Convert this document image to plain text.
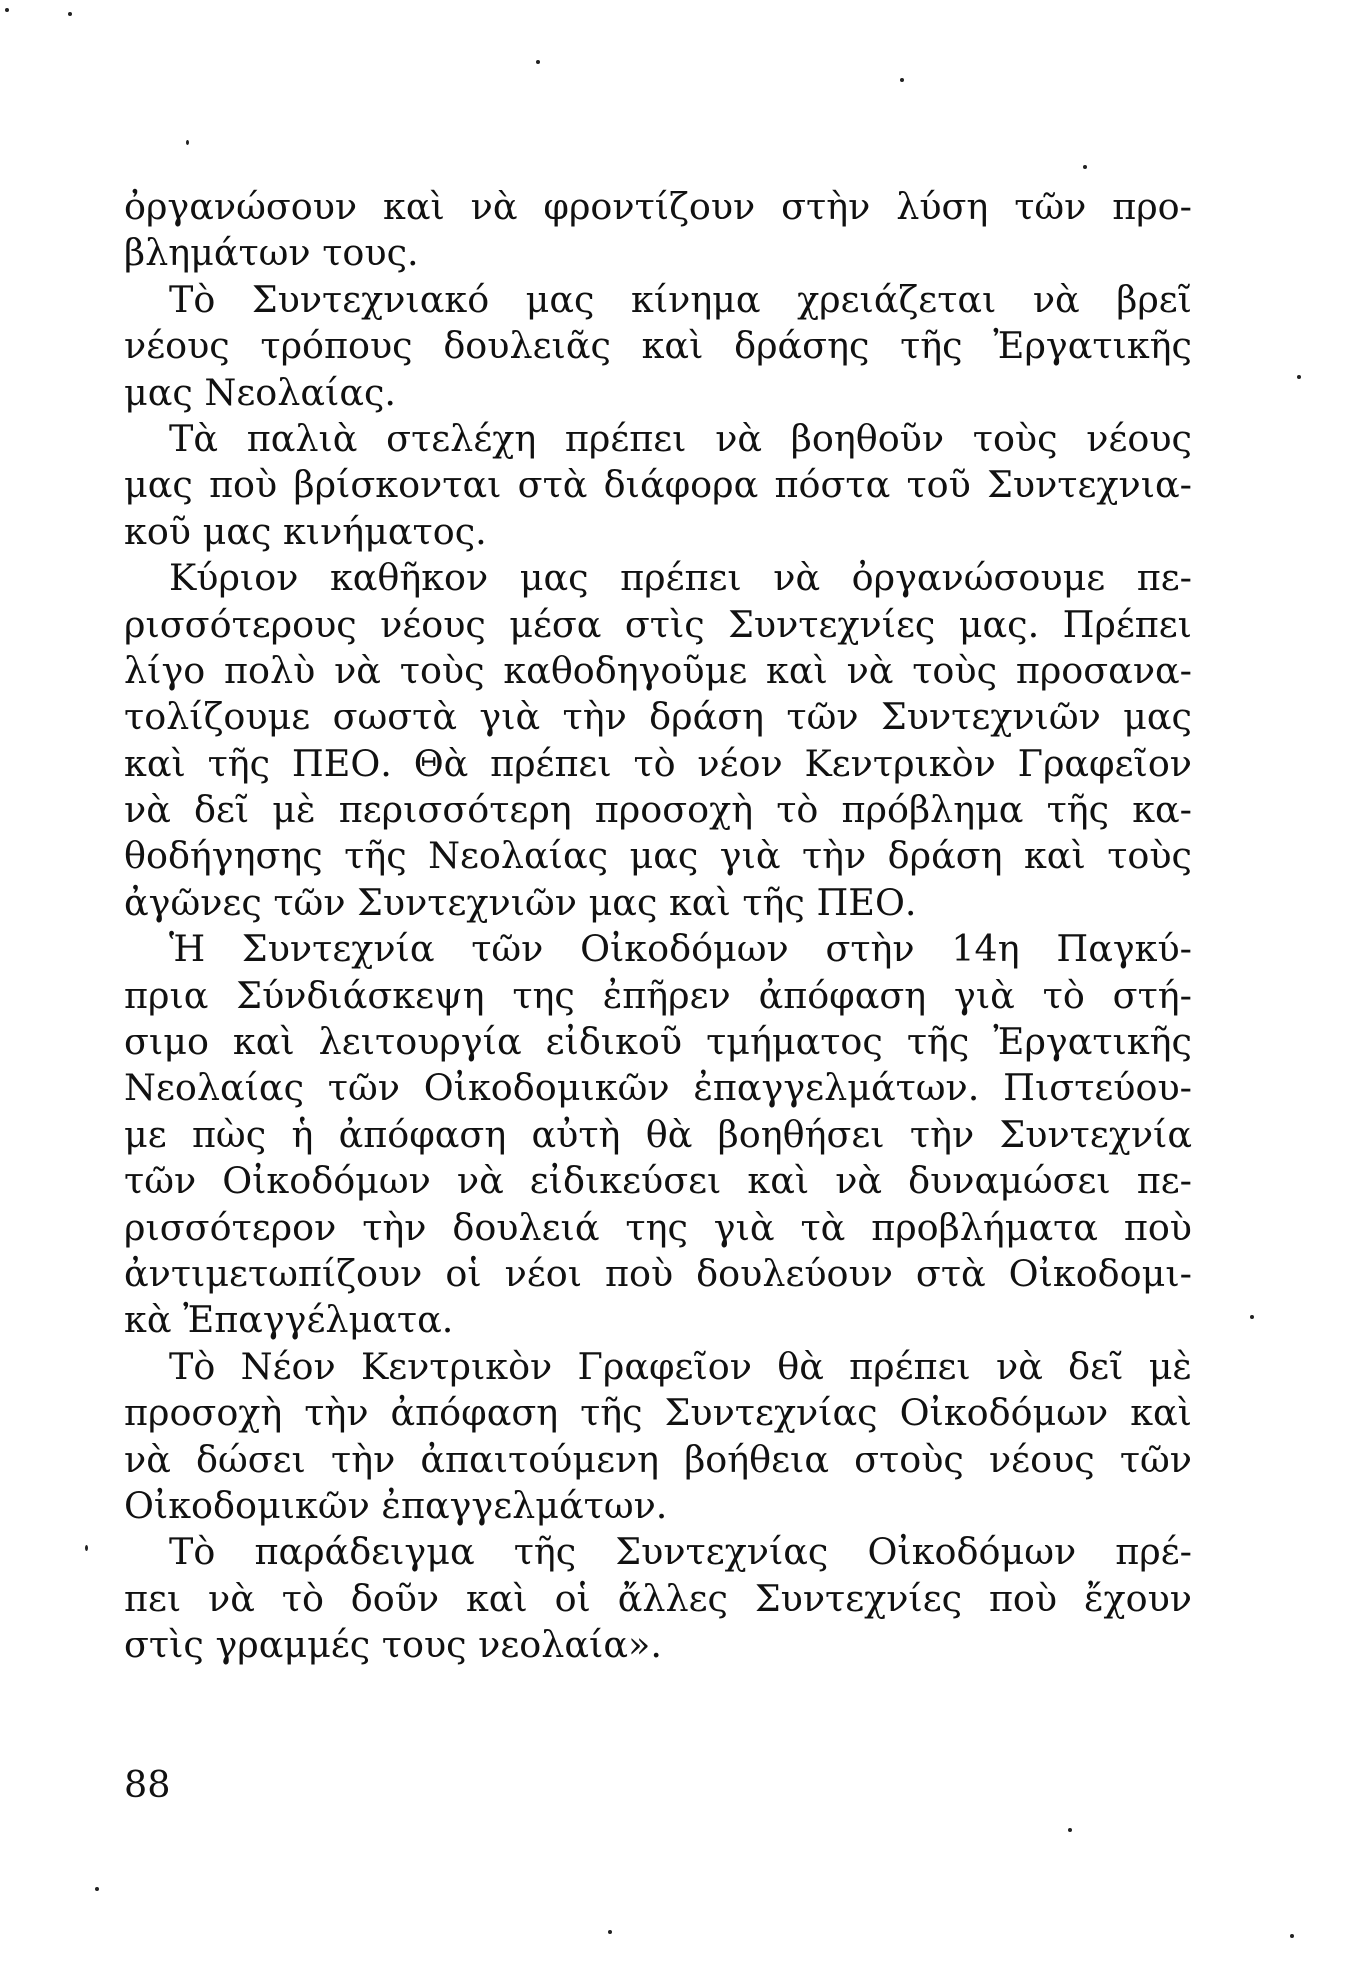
ὀργανώσουν καὶ νὰ φροντίζουν στὴν λύση τῶν προ-
βλημάτων τους.
Τὸ Συντεχνιακό μας κίνημα χρειάζεται νὰ βρεῖ
νέους τρόπους δουλειᾶς καὶ δράσης τῆς Ἐργατικῆς
μας Νεολαίας.
Τὰ παλιὰ στελέχη πρέπει νὰ βοηθοῦν τοὺς νέους
μας ποὺ βρίσκονται στὰ διάφορα πόστα τοῦ Συντεχνια-
κοῦ μας κινήματος.
Κύριον καθῆκον μας πρέπει νὰ ὀργανώσουμε πε-
ρισσότερους νέους μέσα στὶς Συντεχνίες μας. Πρέπει
λίγο πολὺ νὰ τοὺς καθοδηγοῦμε καὶ νὰ τοὺς προσανα-
τολίζουμε σωστὰ γιὰ τὴν δράση τῶν Συντεχνιῶν μας
καὶ τῆς ΠΕΟ. Θὰ πρέπει τὸ νέον Κεντρικὸν Γραφεῖον
νὰ δεῖ μὲ περισσότερη προσοχὴ τὸ πρόβλημα τῆς κα-
θοδήγησης τῆς Νεολαίας μας γιὰ τὴν δράση καὶ τοὺς
ἀγῶνες τῶν Συντεχνιῶν μας καὶ τῆς ΠΕΟ.
Ἡ Συντεχνία τῶν Οἰκοδόμων στὴν 14η Παγκύ-
πρια Σύνδιάσκεψη της ἐπῆρεν ἀπόφαση γιὰ τὸ στή-
σιμο καὶ λειτουργία εἰδικοῦ τμήματος τῆς Ἐργατικῆς
Νεολαίας τῶν Οἰκοδομικῶν ἐπαγγελμάτων. Πιστεύου-
με πὼς ἡ ἀπόφαση αὐτὴ θὰ βοηθήσει τὴν Συντεχνία
τῶν Οἰκοδόμων νὰ εἰδικεύσει καὶ νὰ δυναμώσει πε-
ρισσότερον τὴν δουλειά της γιὰ τὰ προβλήματα ποὺ
ἀντιμετωπίζουν οἱ νέοι ποὺ δουλεύουν στὰ Οἰκοδομι-
κὰ Ἐπαγγέλματα.
Τὸ Νέον Κεντρικὸν Γραφεῖον θὰ πρέπει νὰ δεῖ μὲ
προσοχὴ τὴν ἀπόφαση τῆς Συντεχνίας Οἰκοδόμων καὶ
νὰ δώσει τὴν ἀπαιτούμενη βοήθεια στοὺς νέους τῶν
Οἰκοδομικῶν ἐπαγγελμάτων.
Τὸ παράδειγμα τῆς Συντεχνίας Οἰκοδόμων πρέ-
πει νὰ τὸ δοῦν καὶ οἱ ἄλλες Συντεχνίες ποὺ ἔχουν
στὶς γραμμές τους νεολαία».
88
